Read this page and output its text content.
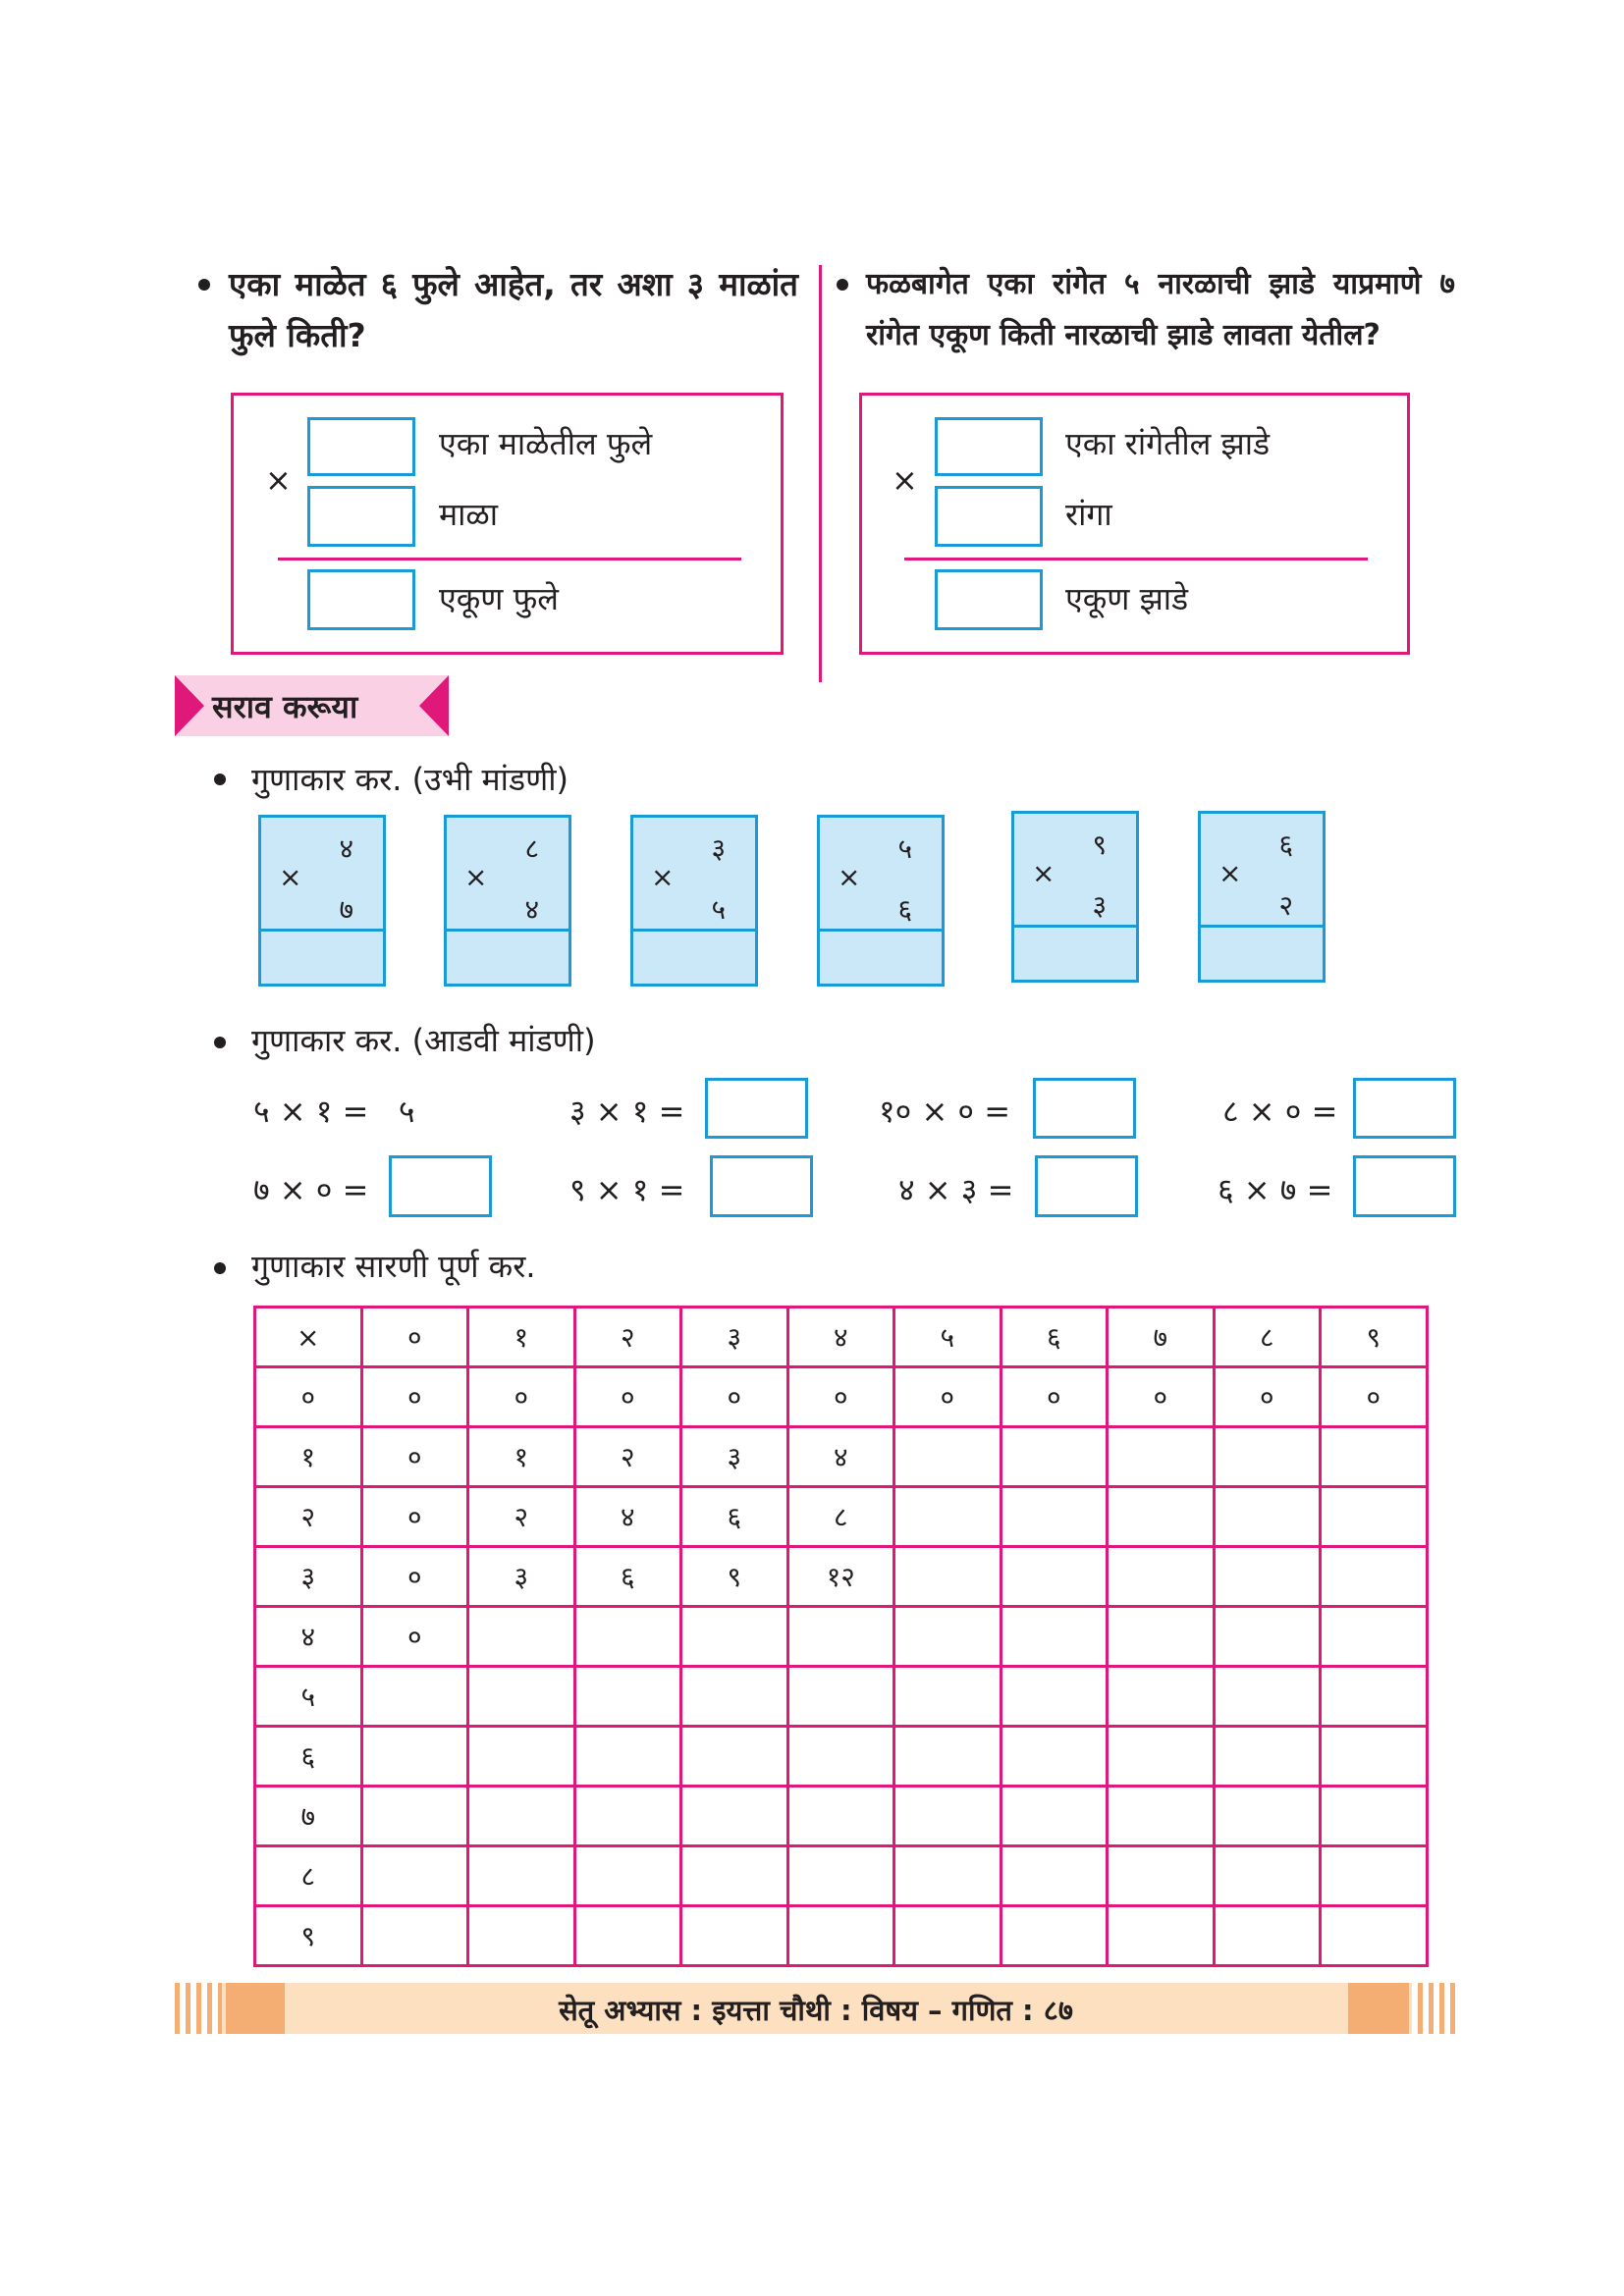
एका माळेत ६ फुले आहेत, तर अशा ३ माळांत फुले किती?
×
एका माळेतील फुले
माळा
एकूण फुले
फळबागेत एका रांगेत ५ नारळाची झाडे याप्रमाणे ७ रांगेत एकूण किती नारळाची झाडे लावता येतील?
×
एका रांगेतील झाडे
रांगा
एकूण झाडे
सराव करूया
गुणाकार कर. (उभी मांडणी)
४
×
७
८
×
४
३
×
५
५
×
६
९
×
३
६
×
२
गुणाकार कर. (आडवी मांडणी)
५ × १ =   ५	३ × १ =	१० × ० =	८ × ० =
७ × ० =	९ × १ =	४ × ३ =	६ × ७ =
गुणाकार सारणी पूर्ण कर.
×	०	१	२	३	४	५	६	७	८	९
०	०	०	०	०	०	०	०	०	०	०
१	०	१	२	३	४					
२	०	२	४	६	८					
३	०	३	६	९	१२					
४	०									
५										
६										
७										
८										
९										
सेतू अभ्यास : इयत्ता चौथी : विषय – गणित : ८७
